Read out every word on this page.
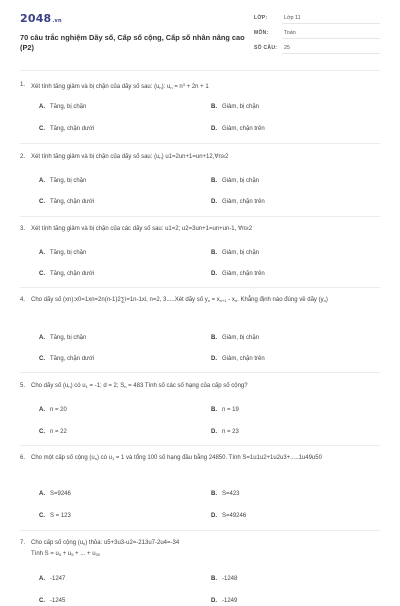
2048.vn
70 câu trắc nghiệm Dãy số, Cấp số cộng, Cấp số nhân nâng cao (P2)
LỚP:	Lớp 11
MÔN:	Toán
SỐ CÂU: 25
1. Xét tính tăng giảm và bị chặn của dãy số sau: $(u_n)$: $u_n = n^3 + 2n + 1$
A. Tăng, bị chặn	B. Giảm, bị chặn
C. Tăng, chặn dưới	D. Giảm, chặn trên
2. Xét tính tăng giảm và bị chặn của dãy số sau: $(u_n)$ u1=2un+1=un+12,∀n≥2
A. Tăng, bị chặn	B. Giảm, bị chặn
C. Tăng, chặn dưới	D. Giảm, chặn trên
3. Xét tính tăng giảm và bị chặn của các dãy số sau: u1=2; u2=3un+1=un+un-1, ∀n≥2
A. Tăng, bị chặn	B. Giảm, bị chặn
C. Tăng, chặn dưới	D. Giảm, chặn trên
4. Cho dãy số (xn):x0=1xn=2n(n-1)2∑i=1n-1xi, n=2, 3.....Xét dãy số $y_n = x_{n+1} - x_n$. Khẳng định nào đúng về dãy $(y_n)$
A. Tăng, bị chặn	B. Giảm, bị chặn
C. Tăng, chặn dưới	D. Giảm, chặn trên
5. Cho dãy số $(u_n)$ có $u_1 = -1$; d = 2; $S_n = 483$ Tính số các số hạng của cấp số cộng?
A. n = 20	B. n = 19
C. n = 22	D. n = 23
6. Cho một cấp số cộng $(u_n)$ có $u_1 = 1$ và tổng 100 số hạng đầu bằng 24850. Tính S=1u1u2+1u2u3+.....1u49u50
A. S=9246	B. S=423
C. S = 123	D. S=49246
7. Cho cấp số cộng $(u_n)$ thỏa: u5+3u3-u2=-213u7-2u4=-34
Tính $S = u_4 + u_5$ + ... + $u_{30}$
A. -1247	B. -1248
C. -1245	D. -1249
